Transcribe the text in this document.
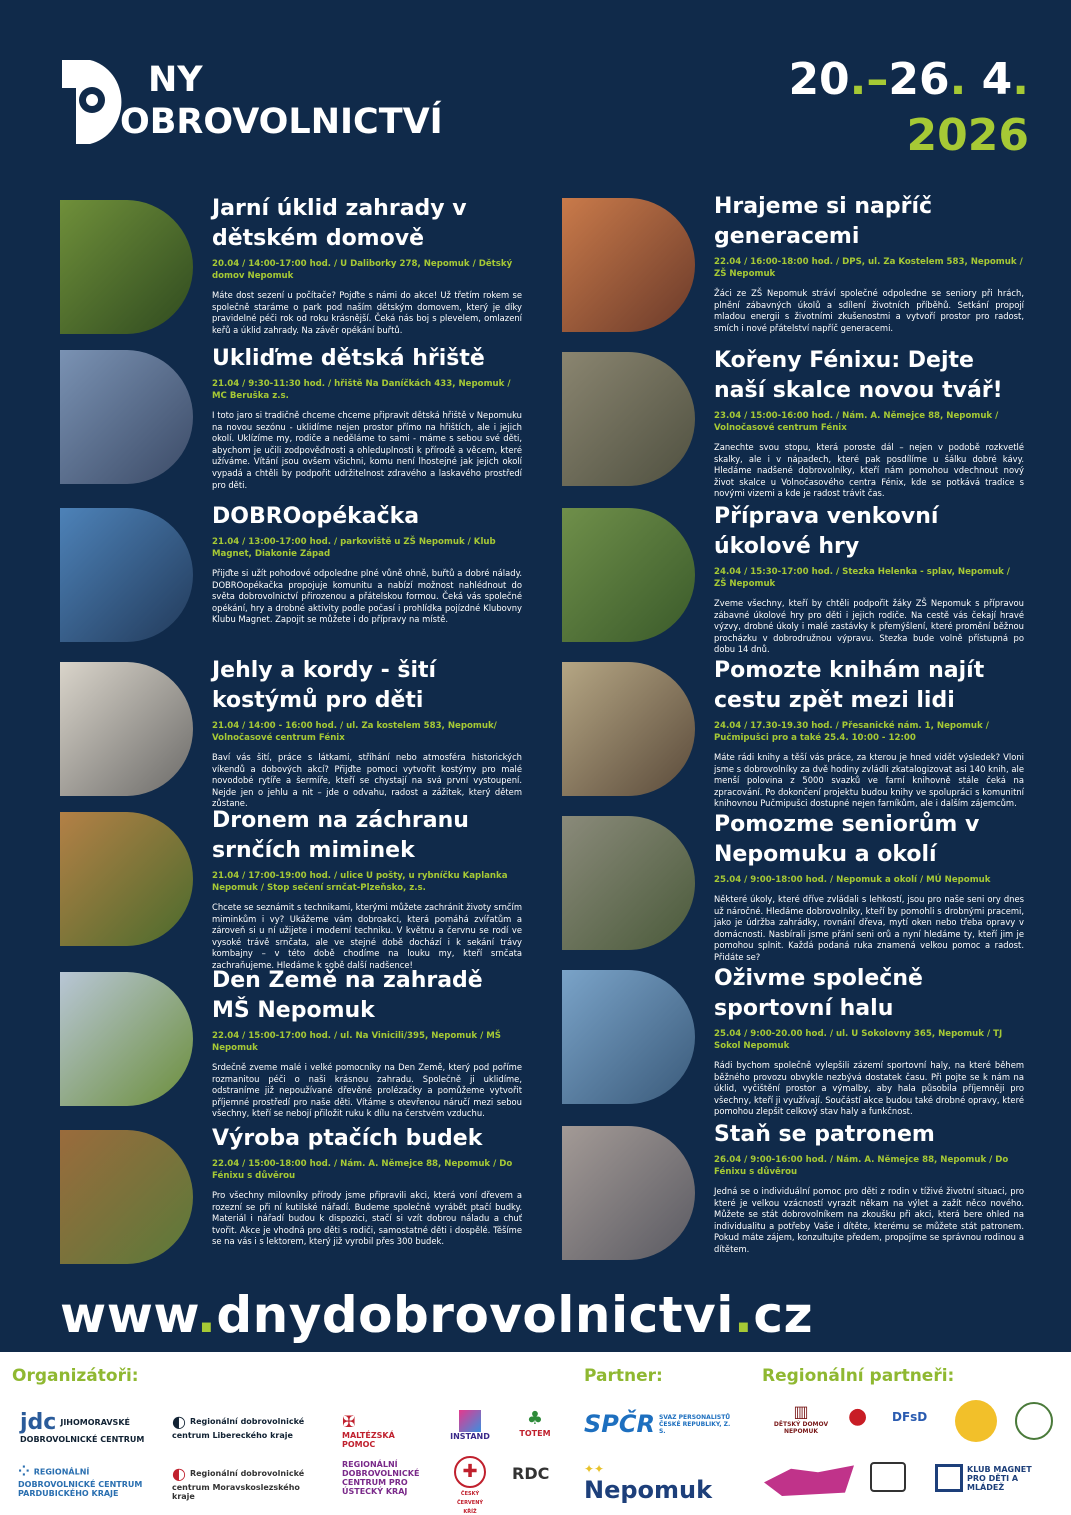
NY
OBROVOLNICTVÍ
20.–26. 4.
2026
Jarní úklid zahrady v dětském domově
20.04 / 14:00-17:00 hod. / U Daliborky 278, Nepomuk / Dětský domov Nepomuk
Máte dost sezení u počítače? Pojďte s námi do akce! Už třetím rokem se společně staráme o park pod naším dětským domovem, který je díky pravidelné péči rok od roku krásnější. Čeká nás boj s plevelem, omlazení keřů a úklid zahrady. Na závěr opékání buřtů.
Ukliďme dětská hřiště
21.04 / 9:30-11:30 hod. / hřiště Na Daníčkách 433, Nepomuk / MC Beruška z.s.
I toto jaro si tradičně chceme chceme připravit dětská hřiště v Nepomuku na novou sezónu - uklidíme nejen prostor přímo na hřištích, ale i jejich okolí. Uklízíme my, rodiče a neděláme to sami - máme s sebou své děti, abychom je učili zodpovědnosti a ohleduplnosti k přírodě a věcem, které užíváme. Vítání jsou ovšem všichni, komu není lhostejné jak jejich okolí vypadá a chtěli by podpořit udržitelnost zdravého a laskavého prostředí pro děti.
DOBROopékačka
21.04 / 13:00-17:00 hod. / parkoviště u ZŠ Nepomuk / Klub Magnet, Diakonie Západ
Přijďte si užít pohodové odpoledne plné vůně ohně, buřtů a dobré nálady. DOBROopékačka propojuje komunitu a nabízí možnost nahlédnout do světa dobrovolnictví přirozenou a přátelskou formou. Čeká vás společné opékání, hry a drobné aktivity podle počasí i prohlídka pojízdné Klubovny Klubu Magnet. Zapojit se můžete i do přípravy na místě.
Jehly a kordy - šití kostýmů pro děti
21.04 / 14:00 - 16:00 hod. / ul. Za kostelem 583, Nepomuk/ Volnočasové centrum Fénix
Baví vás šití, práce s látkami, stříhání nebo atmosféra historických víkendů a dobových akcí? Přijďte pomoci vytvořit kostýmy pro malé novodobé rytíře a šermíře, kteří se chystají na svá první vystoupení. Nejde jen o jehlu a nit – jde o odvahu, radost a zážitek, který dětem zůstane.
Dronem na záchranu srnčích miminek
21.04 / 17:00-19:00 hod. / ulice U pošty, u rybníčku Kaplanka Nepomuk / Stop sečení srnčat-Plzeňsko, z.s.
Chcete se seznámit s technikami, kterými můžete zachránit životy srnčím miminkům i vy? Ukážeme vám dobroakci, která pomáhá zvířatům a zároveň si u ní užijete i moderní techniku. V květnu a červnu se rodí ve vysoké trávě srnčata, ale ve stejné době dochází i k sekání trávy kombajny – v této době chodíme na louku my, kteří srnčata zachraňujeme. Hledáme k sobě další nadšence!
Den Země na zahradě MŠ Nepomuk
22.04 / 15:00-17:00 hod. / ul. Na Vinicili/395, Nepomuk / MŠ Nepomuk
Srdečně zveme malé i velké pomocníky na Den Země, který pod poříme rozmanitou péči o naši krásnou zahradu. Společně ji uklidíme, odstraníme již nepoužívané dřevěné prolézačky a pomůžeme vytvořit příjemné prostředí pro naše děti. Vítáme s otevřenou náručí mezi sebou všechny, kteří se nebojí přiložit ruku k dílu na čerstvém vzduchu.
Výroba ptačích budek
22.04 / 15:00-18:00 hod. / Nám. A. Němejce 88, Nepomuk / Do Fénixu s důvěrou
Pro všechny milovníky přírody jsme připravili akci, která voní dřevem a rozezní se při ní kutilské nářadí. Budeme společně vyrábět ptačí budky. Materiál i nářadí budou k dispozici, stačí si vzít dobrou náladu a chuť tvořit. Akce je vhodná pro děti s rodiči, samostatné děti i dospělé. Těšíme se na vás i s lektorem, který již vyrobil přes 300 budek.
Hrajeme si napříč generacemi
22.04 / 16:00-18:00 hod. / DPS, ul. Za Kostelem 583, Nepomuk / ZŠ Nepomuk
Žáci ze ZŠ Nepomuk stráví společné odpoledne se seniory při hrách, plnění zábavných úkolů a sdílení životních příběhů. Setkání propojí mladou energii s životními zkušenostmi a vytvoří prostor pro radost, smích i nové přátelství napříč generacemi.
Kořeny Fénixu: Dejte naší skalce novou tvář!
23.04 / 15:00-16:00 hod. / Nám. A. Němejce 88, Nepomuk / Volnočasové centrum Fénix
Zanechte svou stopu, která poroste dál – nejen v podobě rozkvetlé skalky, ale i v nápadech, které pak posdílíme u šálku dobré kávy. Hledáme nadšené dobrovolníky, kteří nám pomohou vdechnout nový život skalce u Volnočasového centra Fénix, kde se potkává tradice s novými vizemi a kde je radost trávit čas.
Příprava venkovní úkolové hry
24.04 / 15:30-17:00 hod. / Stezka Helenka - splav, Nepomuk / ZŠ Nepomuk
Zveme všechny, kteří by chtěli podpořit žáky ZŠ Nepomuk s přípravou zábavné úkolové hry pro děti i jejich rodiče. Na cestě vás čekají hravé výzvy, drobné úkoly i malé zastávky k přemýšlení, které promění běžnou procházku v dobrodružnou výpravu. Stezka bude volně přístupná po dobu 14 dnů.
Pomozte knihám najít cestu zpět mezi lidi
24.04 / 17.30-19.30 hod. / Přesanické nám. 1, Nepomuk / Pučmipušci pro a také 25.4. 10:00 - 12:00
Máte rádi knihy a těší vás práce, za kterou je hned vidět výsledek? Vloni jsme s dobrovolníky za dvě hodiny zvládli zkatalogizovat asi 140 knih, ale menší polovina z 5000 svazků ve farní knihovně stále čeká na zpracování. Po dokončení projektu budou knihy ve spolupráci s komunitní knihovnou Pučmipušci dostupné nejen farníkům, ale i dalším zájemcům.
Pomozme seniorům v Nepomuku a okolí
25.04 / 9:00-18:00 hod. / Nepomuk a okolí / MÚ Nepomuk
Některé úkoly, které dříve zvládali s lehkostí, jsou pro naše seni ory dnes už náročné. Hledáme dobrovolníky, kteří by pomohli s drobnými pracemi, jako je údržba zahrádky, rovnání dřeva, mytí oken nebo třeba opravy v domácnosti. Nasbírali jsme přání seni orů a nyní hledáme ty, kteří jim je pomohou splnit. Každá podaná ruka znamená velkou pomoc a radost. Přidáte se?
Oživme společně sportovní halu
25.04 / 9:00-20.00 hod. / ul. U Sokolovny 365, Nepomuk / TJ Sokol Nepomuk
Rádi bychom společně vylepšili zázemí sportovní haly, na které během běžného provozu obvykle nezbývá dostatek času. Při pojte se k nám na úklid, vyčištění prostor a výmalby, aby hala působila příjemněji pro všechny, kteří ji využívají. Součástí akce budou také drobné opravy, které pomohou zlepšit celkový stav haly a funkčnost.
Staň se patronem
26.04 / 9:00-16:00 hod. / Nám. A. Němejce 88, Nepomuk / Do Fénixu s důvěrou
Jedná se o individuální pomoc pro děti z rodin v tíživé životní situaci, pro které je velkou vzácností vyrazit někam na výlet a zažít něco nového. Můžete se stát dobrovolníkem na zkoušku při akci, která bere ohled na individualitu a potřeby Vaše i dítěte, kterému se můžete stát patronem. Pokud máte zájem, konzultujte předem, propojíme se správnou rodinou a dítětem.
www.dnydobrovolnictvi.cz
Organizátoři:	Partner:	Regionální partneři:
jdc JIHOMORAVSKÉ DOBROVOLNICKÉ CENTRUM
◐ Regionální dobrovolnické centrum Libereckého kraje
✠MALTÉZSKÁ POMOC
INSTAND
♣
TOTEM
⁘ REGIONÁLNÍ DOBROVOLNICKÉ CENTRUM PARDUBICKÉHO KRAJE
◐ Regionální dobrovolnické centrum Moravskoslezského kraje
REGIONÁLNÍ DOBROVOLNICKÉ CENTRUM PRO ÚSTECKÝ KRAJ
✚
ČESKÝ ČERVENÝ KŘÍŽ
RDC
SPČR SVAZ PERSONALISTŮ ČESKÉ REPUBLIKY, Z. S.
✦✦Nepomuk
▥
DĚTSKÝ DOMOV NEPOMUK
●	DFsD
KLUB MAGNET PRO DĚTI A MLÁDEŽ
